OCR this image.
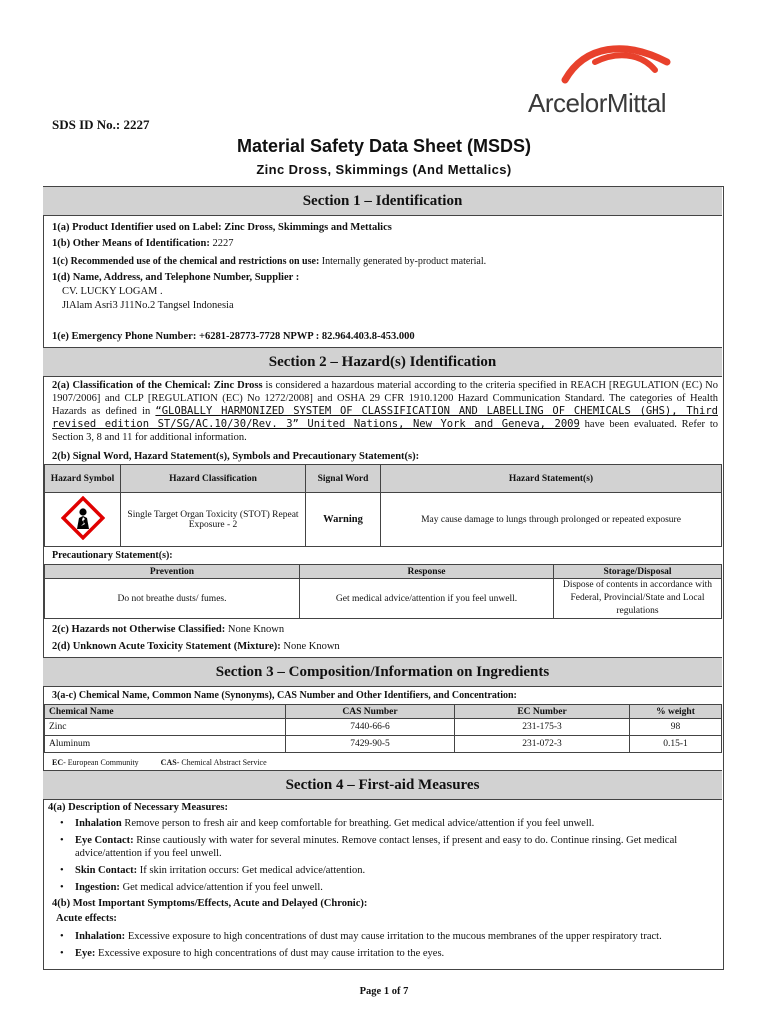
ArcelorMittal
SDS ID No.: 2227
Material Safety Data Sheet (MSDS)
Zinc Dross, Skimmings (And Mettalics)
Section 1 – Identification
1(a) Product Identifier used on Label: Zinc Dross, Skimmings and Mettalics
1(b) Other Means of Identification: 2227
1(c) Recommended use of the chemical and restrictions on use: Internally generated by-product material.
1(d) Name, Address, and Telephone Number, Supplier :
CV. LUCKY LOGAM .
JlAlam Asri3 J11No.2 Tangsel Indonesia
1(e) Emergency Phone Number: +6281-28773-7728 NPWP : 82.964.403.8-453.000
Section 2 – Hazard(s) Identification
2(a) Classification of the Chemical: Zinc Dross is considered a hazardous material according to the criteria specified in REACH [REGULATION (EC) No 1907/2006] and CLP [REGULATION (EC) No 1272/2008] and OSHA 29 CFR 1910.1200 Hazard Communication Standard. The categories of Health Hazards as defined in “GLOBALLY HARMONIZED SYSTEM OF CLASSIFICATION AND LABELLING OF CHEMICALS (GHS), Third revised edition ST/SG/AC.10/30/Rev. 3” United Nations, New York and Geneva, 2009 have been evaluated. Refer to Section 3, 8 and 11 for additional information.
2(b) Signal Word, Hazard Statement(s), Symbols and Precautionary Statement(s):
Hazard Symbol	Hazard Classification	Signal Word	Hazard Statement(s)
	Single Target Organ Toxicity (STOT) Repeat Exposure - 2	Warning	May cause damage to lungs through prolonged or repeated exposure
Precautionary Statement(s):
Prevention	Response	Storage/Disposal
Do not breathe dusts/ fumes.	Get medical advice/attention if you feel unwell.	Dispose of contents in accordance with Federal, Provincial/State and Local regulations
2(c) Hazards not Otherwise Classified: None Known
2(d) Unknown Acute Toxicity Statement (Mixture): None Known
Section 3 – Composition/Information on Ingredients
3(a-c) Chemical Name, Common Name (Synonyms), CAS Number and Other Identifiers, and Concentration:
Chemical Name	CAS Number	EC Number	% weight
Zinc	7440-66-6	231-175-3	98
Aluminum	7429-90-5	231-072-3	0.15-1
EC- European Community	CAS- Chemical Abstract Service
Section 4 – First-aid Measures
4(a) Description of Necessary Measures:
• Inhalation Remove person to fresh air and keep comfortable for breathing. Get medical advice/attention if you feel unwell.
• Eye Contact: Rinse cautiously with water for several minutes. Remove contact lenses, if present and easy to do. Continue rinsing. Get medical advice/attention if you feel unwell.
• Skin Contact: If skin irritation occurs: Get medical advice/attention.
• Ingestion: Get medical advice/attention if you feel unwell.
4(b) Most Important Symptoms/Effects, Acute and Delayed (Chronic):
Acute effects:
• Inhalation: Excessive exposure to high concentrations of dust may cause irritation to the mucous membranes of the upper respiratory tract.
• Eye: Excessive exposure to high concentrations of dust may cause irritation to the eyes.
Page 1 of 7
